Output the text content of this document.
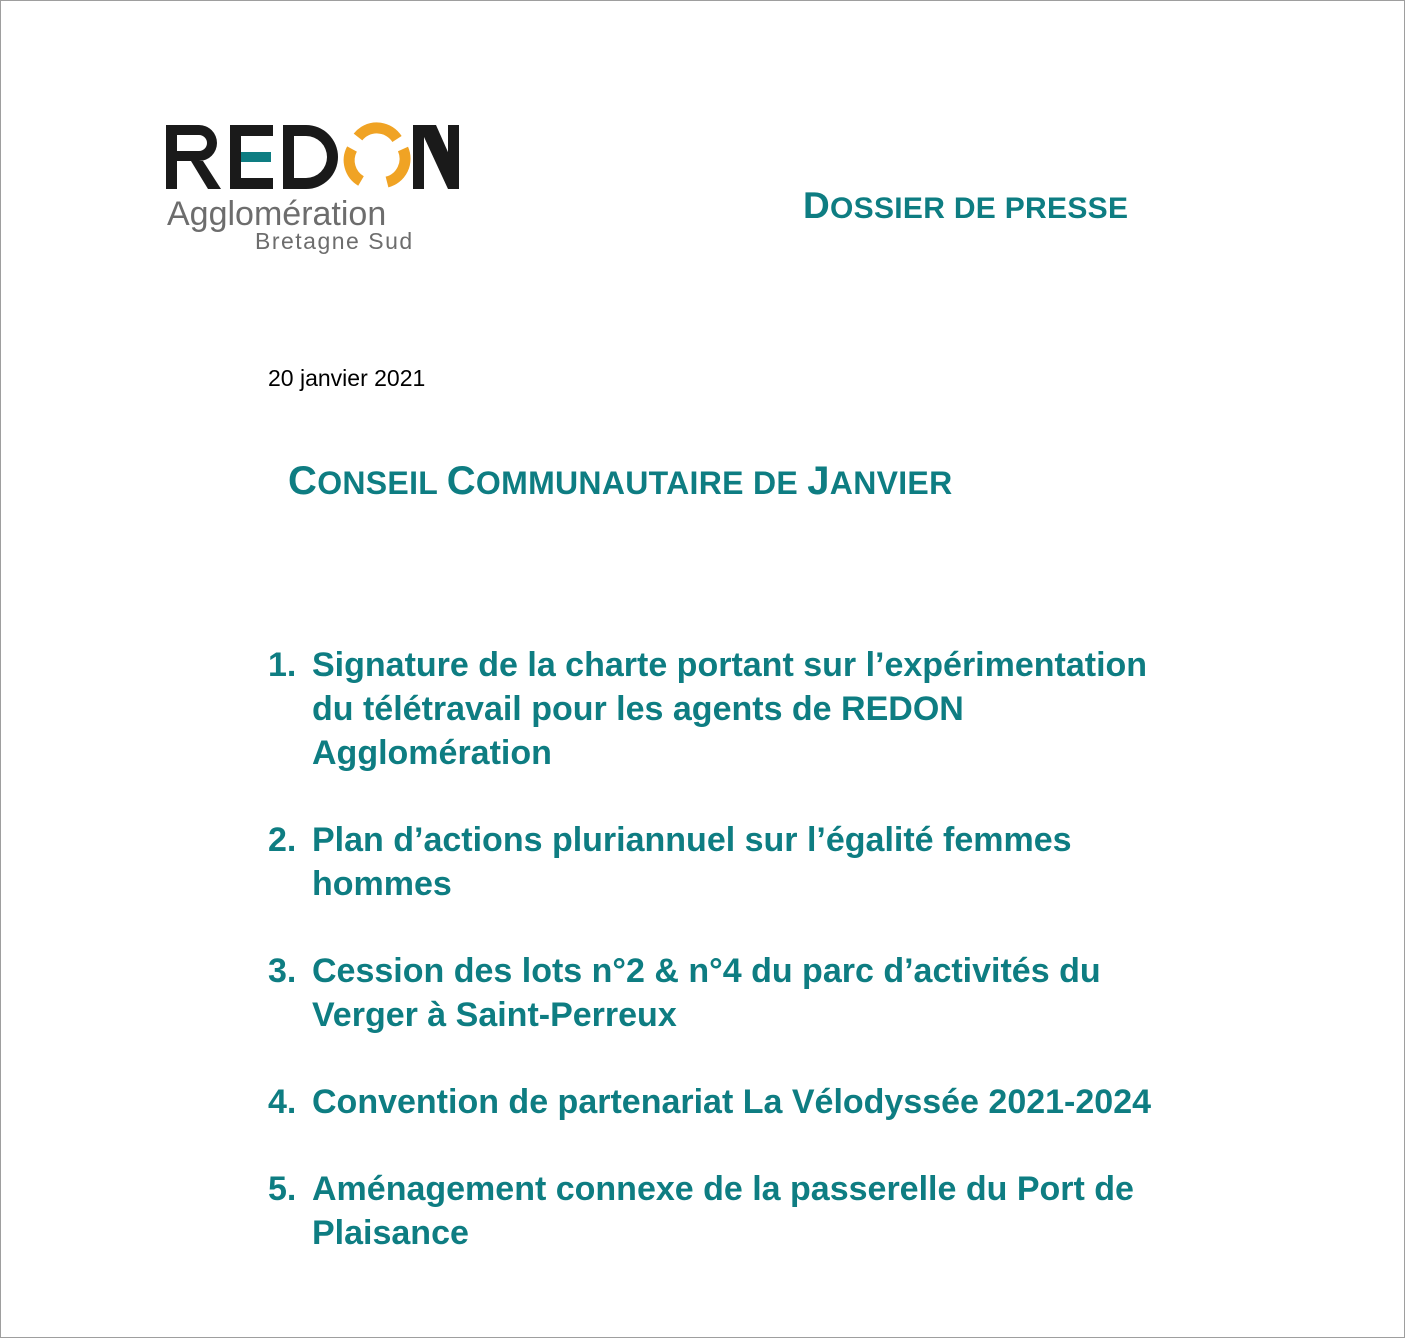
Agglomération
Bretagne Sud
DOSSIER DE PRESSE
20 janvier 2021
CONSEIL COMMUNAUTAIRE DE JANVIER
1. Signature de la charte portant sur l’expérimentation
du télétravail pour les agents de REDON
Agglomération
2. Plan d’actions pluriannuel sur l’égalité femmes
hommes
3. Cession des lots n°2 & n°4 du parc d’activités du
Verger à Saint-Perreux
4. Convention de partenariat La Vélodyssée 2021-2024
5. Aménagement connexe de la passerelle du Port de
Plaisance
